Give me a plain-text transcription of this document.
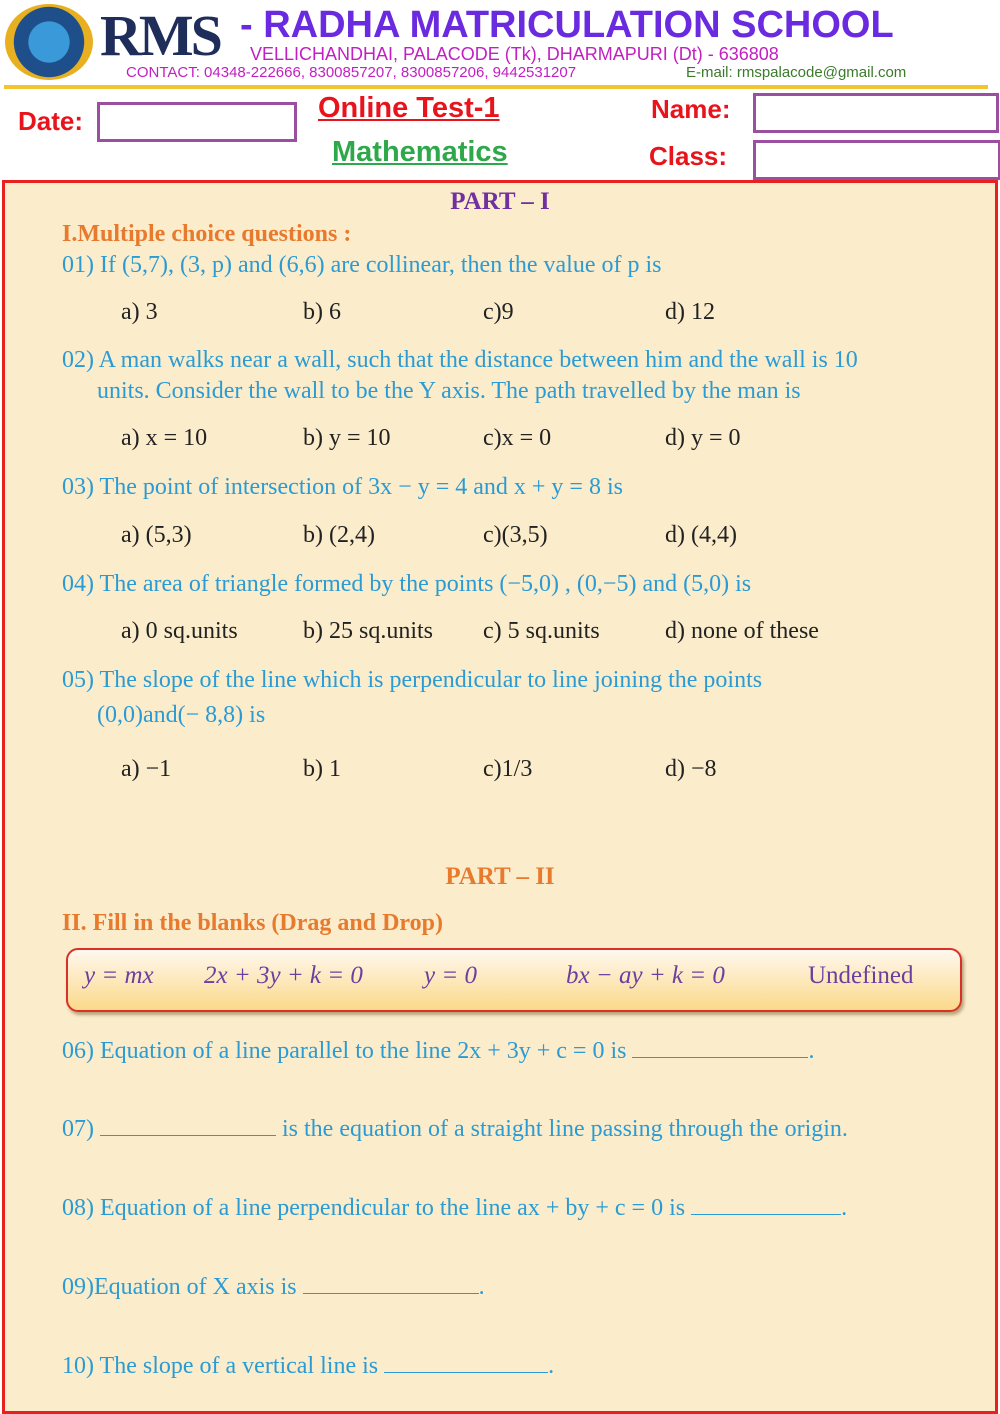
RMS - RADHA MATRICULATION SCHOOL
VELLICHANDHAI, PALACODE (Tk), DHARMAPURI (Dt) - 636808
CONTACT: 04348-222666, 8300857207, 8300857206, 9442531207	E-mail: rmspalacode@gmail.com
Date:	Online Test-1
Mathematics
Name:
Class:
PART – I
I.Multiple choice questions :
01) If (5,7), (3, p) and (6,6) are collinear, then the value of p is
a) 3	b) 6	c)9	d) 12
02) A man walks near a wall, such that the distance between him and the wall is 10
units. Consider the wall to be the Y axis. The path travelled by the man is
a) x = 10	b) y = 10	c)x = 0	d) y = 0
03) The point of intersection of 3x − y = 4 and x + y = 8 is
a) (5,3)	b) (2,4)	c)(3,5)	d) (4,4)
04) The area of triangle formed by the points (−5,0) , (0,−5) and (5,0) is
a) 0 sq.units	b) 25 sq.units c) 5 sq.units	d) none of these
05) The slope of the line which is perpendicular to line joining the points
(0,0)and(− 8,8) is
a) −1	b) 1	c)1/3	d) −8
PART – II
II. Fill in the blanks (Drag and Drop)
y = mx 2x + 3y + k = 0 y = 0	bx − ay + k = 0	Undefined
06) Equation of a line parallel to the line 2x + 3y + c = 0 is	.
07)	is the equation of a straight line passing through the origin.
08) Equation of a line perpendicular to the line ax + by + c = 0 is	.
09)Equation of X axis is	.
10) The slope of a vertical line is	.
